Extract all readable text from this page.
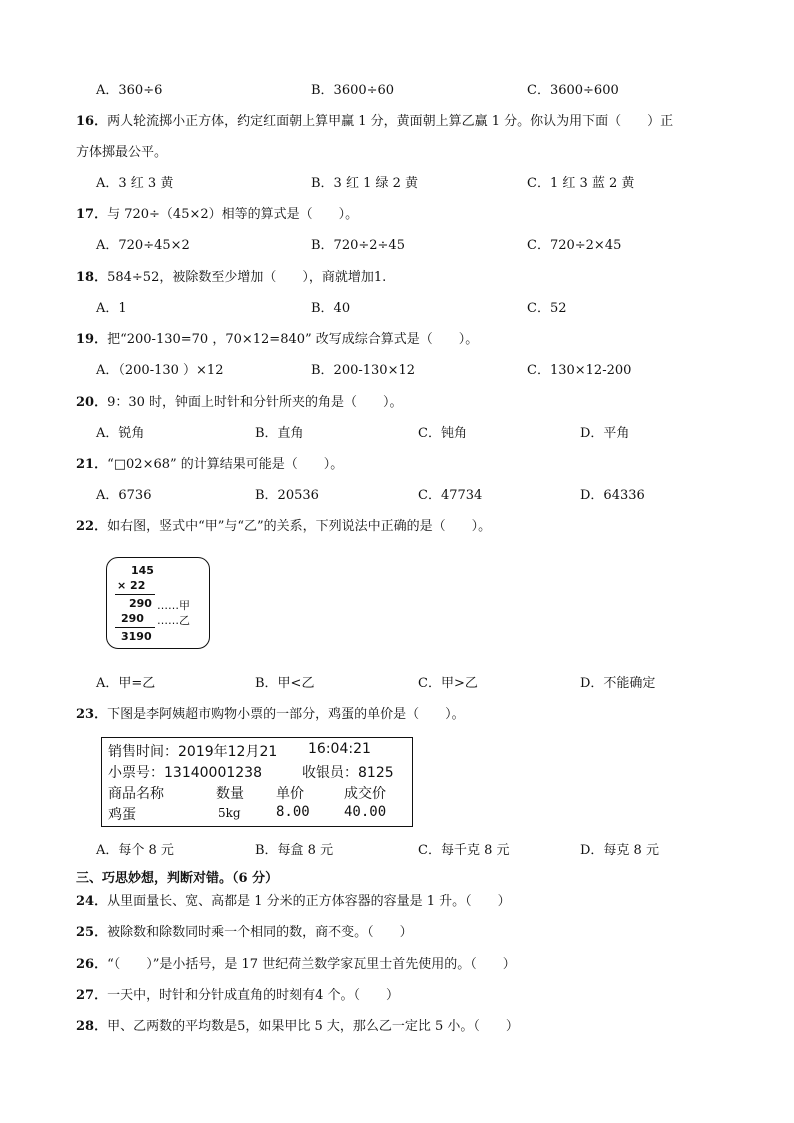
A．360÷6	B．3600÷60	C．3600÷600
16．两人轮流掷小正方体，约定红面朝上算甲赢 1 分，黄面朝上算乙赢 1 分。你认为用下面（　　）正
方体掷最公平。
A．3 红 3 黄	B．3 红 1 绿 2 黄	C．1 红 3 蓝 2 黄
17．与 720÷（45×2）相等的算式是（　　）。
A．720÷45×2	B．720÷2÷45	C．720÷2×45
18．584÷52，被除数至少增加（　　），商就增加1.
A．1	B．40	C．52
19．把“200-130=70 ，70×12=840” 改写成综合算式是（　　）。
A．（200-130 ）×12	B．200-130×12	C．130×12-200
20．9：30 时，钟面上时针和分针所夹的角是（　　）。
A．锐角	B．直角	C．钝角	D．平角
21．“□02×68” 的计算结果可能是（　　）。
A．6736	B．20536	C．47734	D．64336
22．如右图，竖式中“甲”与“乙”的关系，下列说法中正确的是（　　）。
145
× 22
290 ……甲
290 ……乙
3190
A．甲=乙	B．甲<乙	C．甲>乙	D．不能确定
23．下图是李阿姨超市购物小票的一部分，鸡蛋的单价是（　　）。
销售时间：2019年12月21 16:04:21
小票号：13140001238	收银员：8125
商品名称	数量 单价	成交价
鸡蛋	5kg	8.00 40.00
A．每个 8 元	B．每盒 8 元	C．每千克 8 元	D．每克 8 元
三、巧思妙想，判断对错。（6 分）
24．从里面量长、宽、高都是 1 分米的正方体容器的容量是 1 升。（　　）
25．被除数和除数同时乘一个相同的数，商不变。（　　）
26．“（　　）”是小括号，是 17 世纪荷兰数学家瓦里士首先使用的。（　　）
27．一天中，时针和分针成直角的时刻有4 个。（　　）
28．甲、乙两数的平均数是5，如果甲比 5 大，那么乙一定比 5 小。（　　）
